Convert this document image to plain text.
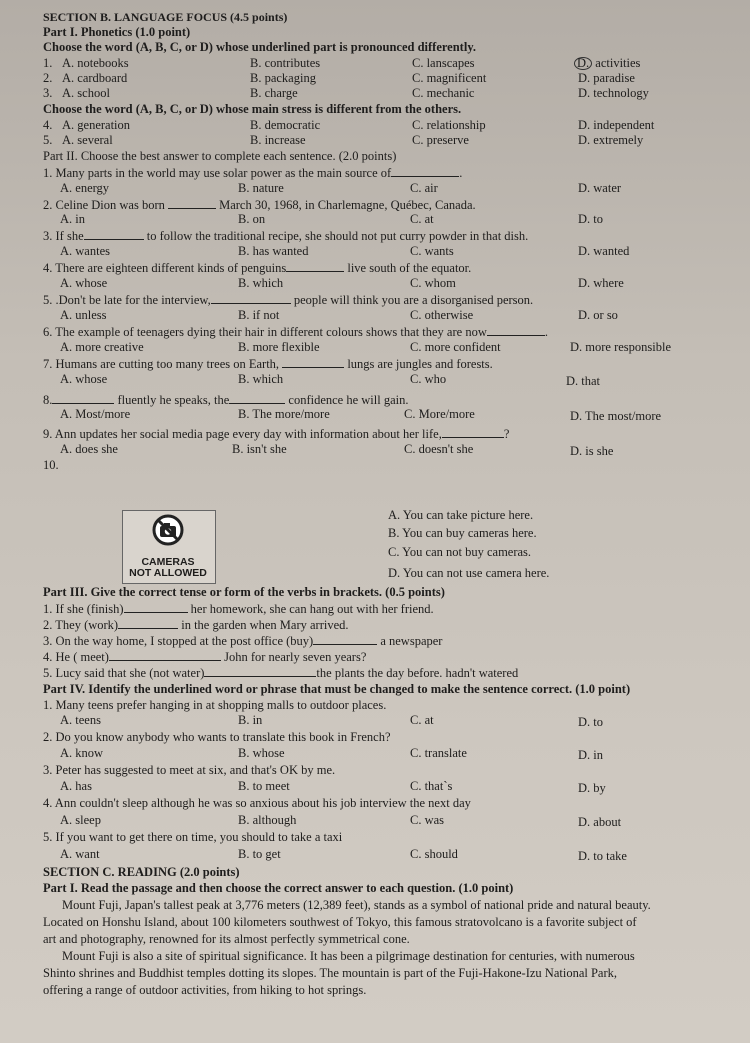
SECTION B. LANGUAGE FOCUS (4.5 points)
Part I. Phonetics (1.0 point)
Choose the word (A, B, C, or D) whose underlined part is pronounced differently.
1. A. notebooks	B. contributes	C. lanscapes	D. activities
2. A. cardboard	B. packaging	C. magnificent	D. paradise
3. A. school	B. charge	C. mechanic	D. technology
Choose the word (A, B, C, or D) whose main stress is different from the others.
4. A. generation	B. democratic	C. relationship	D. independent
5. A. several	B. increase	C. preserve	D. extremely
Part II. Choose the best answer to complete each sentence. (2.0 points)
1. Many parts in the world may use solar power as the main source of	.
A. energy	B. nature	C. air	D. water
2. Celine Dion was born	March 30, 1968, in Charlemagne, Québec, Canada.
A. in	B. on	C. at	D. to
3. If she	to follow the traditional recipe, she should not put curry powder in that dish.
A. wantes	B. has wanted	C. wants	D. wanted
4. There are eighteen different kinds of penguins	live south of the equator.
A. whose	B. which	C. whom	D. where
5. .Don't be late for the interview,	people will think you are a disorganised person.
A. unless	B. if not	C. otherwise	D. or so
6. The example of teenagers dying their hair in different colours shows that they are now	.
A. more creative	B. more flexible	C. more confident	D. more responsible
7. Humans are cutting too many trees on Earth,	lungs are jungles and forests.
A. whose	B. which	C. who	D. that
8.	fluently he speaks, the	confidence he will gain.
A. Most/more	B. The more/more	C. More/more	D. The most/more
9. Ann updates her social media page every day with information about her life,	?
A. does she	B. isn't she	C. doesn't she	D. is she
10.
CAMERAS
NOT ALLOWED
A. You can take picture here.
B. You can buy cameras here.
C. You can not buy cameras.
D. You can not use camera here.
Part III. Give the correct tense or form of the verbs in brackets. (0.5 points)
1. If she (finish)	her homework, she can hang out with her friend.
2. They (work)	in the garden when Mary arrived.
3. On the way home, I stopped at the post office (buy)	a newspaper
4. He ( meet)	John for nearly seven years?
5. Lucy said that she (not water)	the plants the day before. hadn't watered
Part IV. Identify the underlined word or phrase that must be changed to make the sentence correct. (1.0 point)
1. Many teens prefer hanging in at shopping malls to outdoor places.
A. teens	B. in	C. at	D. to
2. Do you know anybody who wants to translate this book in French?
A. know	B. whose	C. translate	D. in
3. Peter has suggested to meet at six, and that's OK by me.
A. has	B. to meet	C. that`s	D. by
4. Ann couldn't sleep although he was so anxious about his job interview the next day
A. sleep	B. although	C. was	D. about
5. If you want to get there on time, you should to take a taxi
A. want	B. to get	C. should	D. to take
SECTION C. READING (2.0 points)
Part I. Read the passage and then choose the correct answer to each question. (1.0 point)
Mount Fuji, Japan's tallest peak at 3,776 meters (12,389 feet), stands as a symbol of national pride and natural beauty.
Located on Honshu Island, about 100 kilometers southwest of Tokyo, this famous stratovolcano is a favorite subject of
art and photography, renowned for its almost perfectly symmetrical cone.
Mount Fuji is also a site of spiritual significance. It has been a pilgrimage destination for centuries, with numerous
Shinto shrines and Buddhist temples dotting its slopes. The mountain is part of the Fuji-Hakone-Izu National Park,
offering a range of outdoor activities, from hiking to hot springs.
